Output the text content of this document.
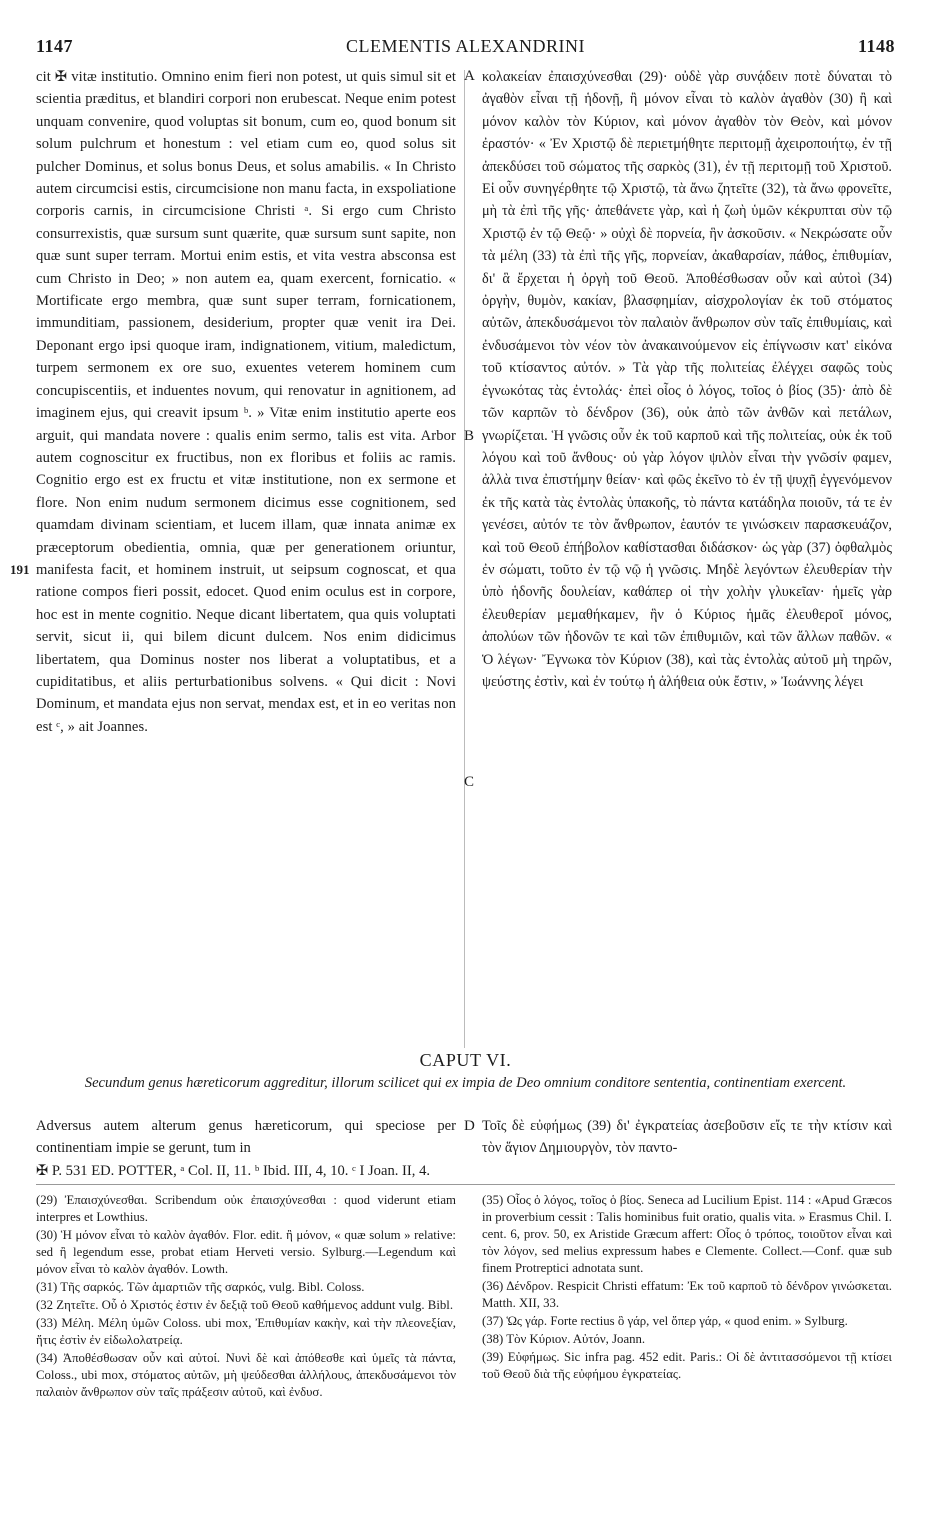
1147	CLEMENTIS ALEXANDRINI	1148
cit ✠ vitæ institutio. Omnino enim fieri non potest, ut quis simul sit et scientia præditus, et blandiri corpori non erubescat. Neque enim potest unquam convenire, quod voluptas sit bonum, cum eo, quod bonum sit solum pulchrum et honestum : vel etiam cum eo, quod solus sit pulcher Dominus, et solus bonus Deus, et solus amabilis. « In Christo autem circumcisi estis, circumcisione non manu facta, in exspoliatione corporis carnis, in circumcisione Christi ᵃ. Si ergo cum Christo consurrexistis, quæ sursum sunt quærite, quæ sursum sunt sapite, non quæ sunt super terram. Mortui enim estis, et vita vestra absconsa est cum Christo in Deo; » non autem ea, quam exercent, fornicatio. « Mortificate ergo membra, quæ sunt super terram, fornicationem, immunditiam, passionem, desiderium, propter quæ venit ira Dei. Deponant ergo ipsi quoque iram, indignationem, vitium, maledictum, turpem sermonem ex ore suo, exuentes veterem hominem cum concupiscentiis, et induentes novum, qui renovatur in agnitionem, ad imaginem ejus, qui creavit ipsum ᵇ. » Vitæ enim institutio aperte eos arguit, qui mandata novere : qualis enim sermo, talis est vita. Arbor autem cognoscitur ex fructibus, non ex floribus et foliis ac ramis. Cognitio ergo est ex fructu et vitæ institutione, non ex sermone et flore. Non enim nudum sermonem dicimus esse cognitionem, sed quamdam divinam scientiam, et lucem illam, quæ innata animæ ex præceptorum obedientia, omnia, quæ per generationem oriuntur, manifesta facit, et hominem instruit, ut seipsum cognoscat, et qua ratione compos fieri possit, edocet. Quod enim oculus est in corpore, hoc est in mente cognitio. Neque dicant libertatem, qua quis voluptati servit, sicut ii, qui bilem dicunt dulcem. Nos enim didicimus libertatem, qua Dominus noster nos liberat a voluptatibus, et a cupiditatibus, et aliis perturbationibus solvens. « Qui dicit : Novi Dominum, et mandata ejus non servat, mendax est, et in eo veritas non est ᶜ, » ait Joannes.
κολακείαν ἐπαισχύνεσθαι (29)· οὐδὲ γὰρ συνᾴδειν ποτὲ δύναται τὸ ἀγαθὸν εἶναι τῇ ἡδονῇ, ἢ μόνον εἶναι τὸ καλὸν ἀγαθὸν (30) ἢ καὶ μόνον καλὸν τὸν Κύριον, καὶ μόνον ἀγαθὸν τὸν Θεὸν, καὶ μόνον ἐραστόν· « Ἐν Χριστῷ δὲ περιετμήθητε περιτομῇ ἀχειροποιήτῳ, ἐν τῇ ἀπεκδύσει τοῦ σώματος τῆς σαρκὸς (31), ἐν τῇ περιτομῇ τοῦ Χριστοῦ. Εἰ οὖν συνηγέρθητε τῷ Χριστῷ, τὰ ἄνω ζητεῖτε (32), τὰ ἄνω φρονεῖτε, μὴ τὰ ἐπὶ τῆς γῆς· ἀπεθάνετε γὰρ, καὶ ἡ ζωὴ ὑμῶν κέκρυπται σὺν τῷ Χριστῷ ἐν τῷ Θεῷ· » οὐχὶ δὲ πορνεία, ἣν ἀσκοῦσιν. « Νεκρώσατε οὖν τὰ μέλη (33) τὰ ἐπὶ τῆς γῆς, πορνείαν, ἀκαθαρσίαν, πάθος, ἐπιθυμίαν, δι' ἃ ἔρχεται ἡ ὀργὴ τοῦ Θεοῦ. Ἀποθέσθωσαν οὖν καὶ αὐτοὶ (34) ὀργὴν, θυμὸν, κακίαν, βλασφημίαν, αἰσχρολογίαν ἐκ τοῦ στόματος αὐτῶν, ἀπεκδυσάμενοι τὸν παλαιὸν ἄνθρωπον σὺν ταῖς ἐπιθυμίαις, καὶ ἐνδυσάμενοι τὸν νέον τὸν ἀνακαινούμενον εἰς ἐπίγνωσιν κατ' εἰκόνα τοῦ κτίσαντος αὐτόν. » Τὰ γὰρ τῆς πολιτείας ἐλέγχει σαφῶς τοὺς ἐγνωκότας τὰς ἐντολάς· ἐπεὶ οἷος ὁ λόγος, τοῖος ὁ βίος (35)· ἀπὸ δὲ τῶν καρπῶν τὸ δένδρον (36), οὐκ ἀπὸ τῶν ἀνθῶν καὶ πετάλων, γνωρίζεται. Ἡ γνῶσις οὖν ἐκ τοῦ καρποῦ καὶ τῆς πολιτείας, οὐκ ἐκ τοῦ λόγου καὶ τοῦ ἄνθους· οὐ γὰρ λόγον ψιλὸν εἶναι τὴν γνῶσίν φαμεν, ἀλλὰ τινα ἐπιστήμην θείαν· καὶ φῶς ἐκεῖνο τὸ ἐν τῇ ψυχῇ ἐγγενόμενον ἐκ τῆς κατὰ τὰς ἐντολὰς ὑπακοῆς, τὸ πάντα κατάδηλα ποιοῦν, τά τε ἐν γενέσει, αὐτόν τε τὸν ἄνθρωπον, ἑαυτόν τε γινώσκειν παρασκευάζον, καὶ τοῦ Θεοῦ ἐπήβολον καθίστασθαι διδάσκον· ὡς γὰρ (37) ὀφθαλμὸς ἐν σώματι, τοῦτο ἐν τῷ νῷ ἡ γνῶσις. Μηδὲ λεγόντων ἐλευθερίαν τὴν ὑπὸ ἡδονῆς δουλείαν, καθάπερ οἱ τὴν χολὴν γλυκεῖαν· ἡμεῖς γὰρ ἐλευθερίαν μεμαθήκαμεν, ἣν ὁ Κύριος ἡμᾶς ἐλευθεροῖ μόνος, ἀπολύων τῶν ἡδονῶν τε καὶ τῶν ἐπιθυμιῶν, καὶ τῶν ἄλλων παθῶν. « Ὁ λέγων· Ἔγνωκα τὸν Κύριον (38), καὶ τὰς ἐντολὰς αὐτοῦ μὴ τηρῶν, ψεύστης ἐστὶν, καὶ ἐν τούτῳ ἡ ἀλήθεια οὐκ ἔστιν, » Ἰωάννης λέγει
A
B
C
D
191
CAPUT VI.
Secundum genus hæreticorum aggreditur, illorum scilicet qui ex impia de Deo omnium conditore sententia, continentiam exercent.
Adversus autem alterum genus hæreticorum, qui speciose per continentiam impie se gerunt, tum in
Τοῖς δὲ εὐφήμως (39) δι' ἐγκρατείας ἀσεβοῦσιν εἴς τε τὴν κτίσιν καὶ τὸν ἅγιον Δημιουργὸν, τὸν παντο-
✠ P. 531 ED. POTTER, ᵃ Col. II, 11. ᵇ Ibid. III, 4, 10. ᶜ I Joan. II, 4.

(29) Ἐπαισχύνεσθαι. Scribendum οὐκ ἐπαισχύνεσθαι : quod viderunt etiam interpres et Lowthius.

(30) Ἡ μόνον εἶναι τὸ καλὸν ἀγαθόν. Flor. edit. ἢ μόνον, « quæ solum » relative: sed ἢ legendum esse, probat etiam Herveti versio. Sylburg.—Legendum καὶ μόνον εἶναι τὸ καλὸν ἀγαθόν. Lowth.

(31) Τῆς σαρκός. Τῶν ἁμαρτιῶν τῆς σαρκός, vulg. Bibl. Coloss.

(32 Ζητεῖτε. Οὗ ὁ Χριστός ἐστιν ἐν δεξιᾷ τοῦ Θεοῦ καθήμενος addunt vulg. Bibl.

(33) Μέλη. Μέλη ὑμῶν Coloss. ubi mox, Ἐπιθυμίαν κακὴν, καὶ τὴν πλεονεξίαν, ἥτις ἐστὶν ἐν εἰδωλολατρείᾳ.

(34) Ἀποθέσθωσαν οὖν καὶ αὐτοί. Νυνὶ δὲ καὶ ἀπόθεσθε καὶ ὑμεῖς τὰ πάντα, Coloss., ubi mox, στόματος αὐτῶν, μὴ ψεύδεσθαι ἀλλήλους, ἀπεκδυσάμενοι τὸν παλαιὸν ἄνθρωπον σὺν ταῖς πράξεσιν αὐτοῦ, καὶ ἐνδυσ.

(35) Οἷος ὁ λόγος, τοῖος ὁ βίος. Seneca ad Lucilium Epist. 114 : «Apud Græcos in proverbium cessit : Talis hominibus fuit oratio, qualis vita. » Erasmus Chil. I. cent. 6, prov. 50, ex Aristide Græcum affert: Οἷος ὁ τρόπος, τοιοῦτον εἶναι καὶ τὸν λόγον, sed melius expressum habes e Clemente. Collect.—Conf. quæ sub finem Protreptici adnotata sunt.

(36) Δένδρον. Respicit Christi effatum: Ἐκ τοῦ καρποῦ τὸ δένδρον γινώσκεται. Matth. XII, 33.

(37) Ὡς γάρ. Forte rectius ὃ γάρ, vel ὅπερ γάρ, « quod enim. » Sylburg.

(38) Τὸν Κύριον. Αὐτόν, Joann.

(39) Εὐφήμως. Sic infra pag. 452 edit. Paris.: Οἱ δὲ ἀντιτασσόμενοι τῇ κτίσει τοῦ Θεοῦ διὰ τῆς εὐφήμου ἐγκρατείας.
